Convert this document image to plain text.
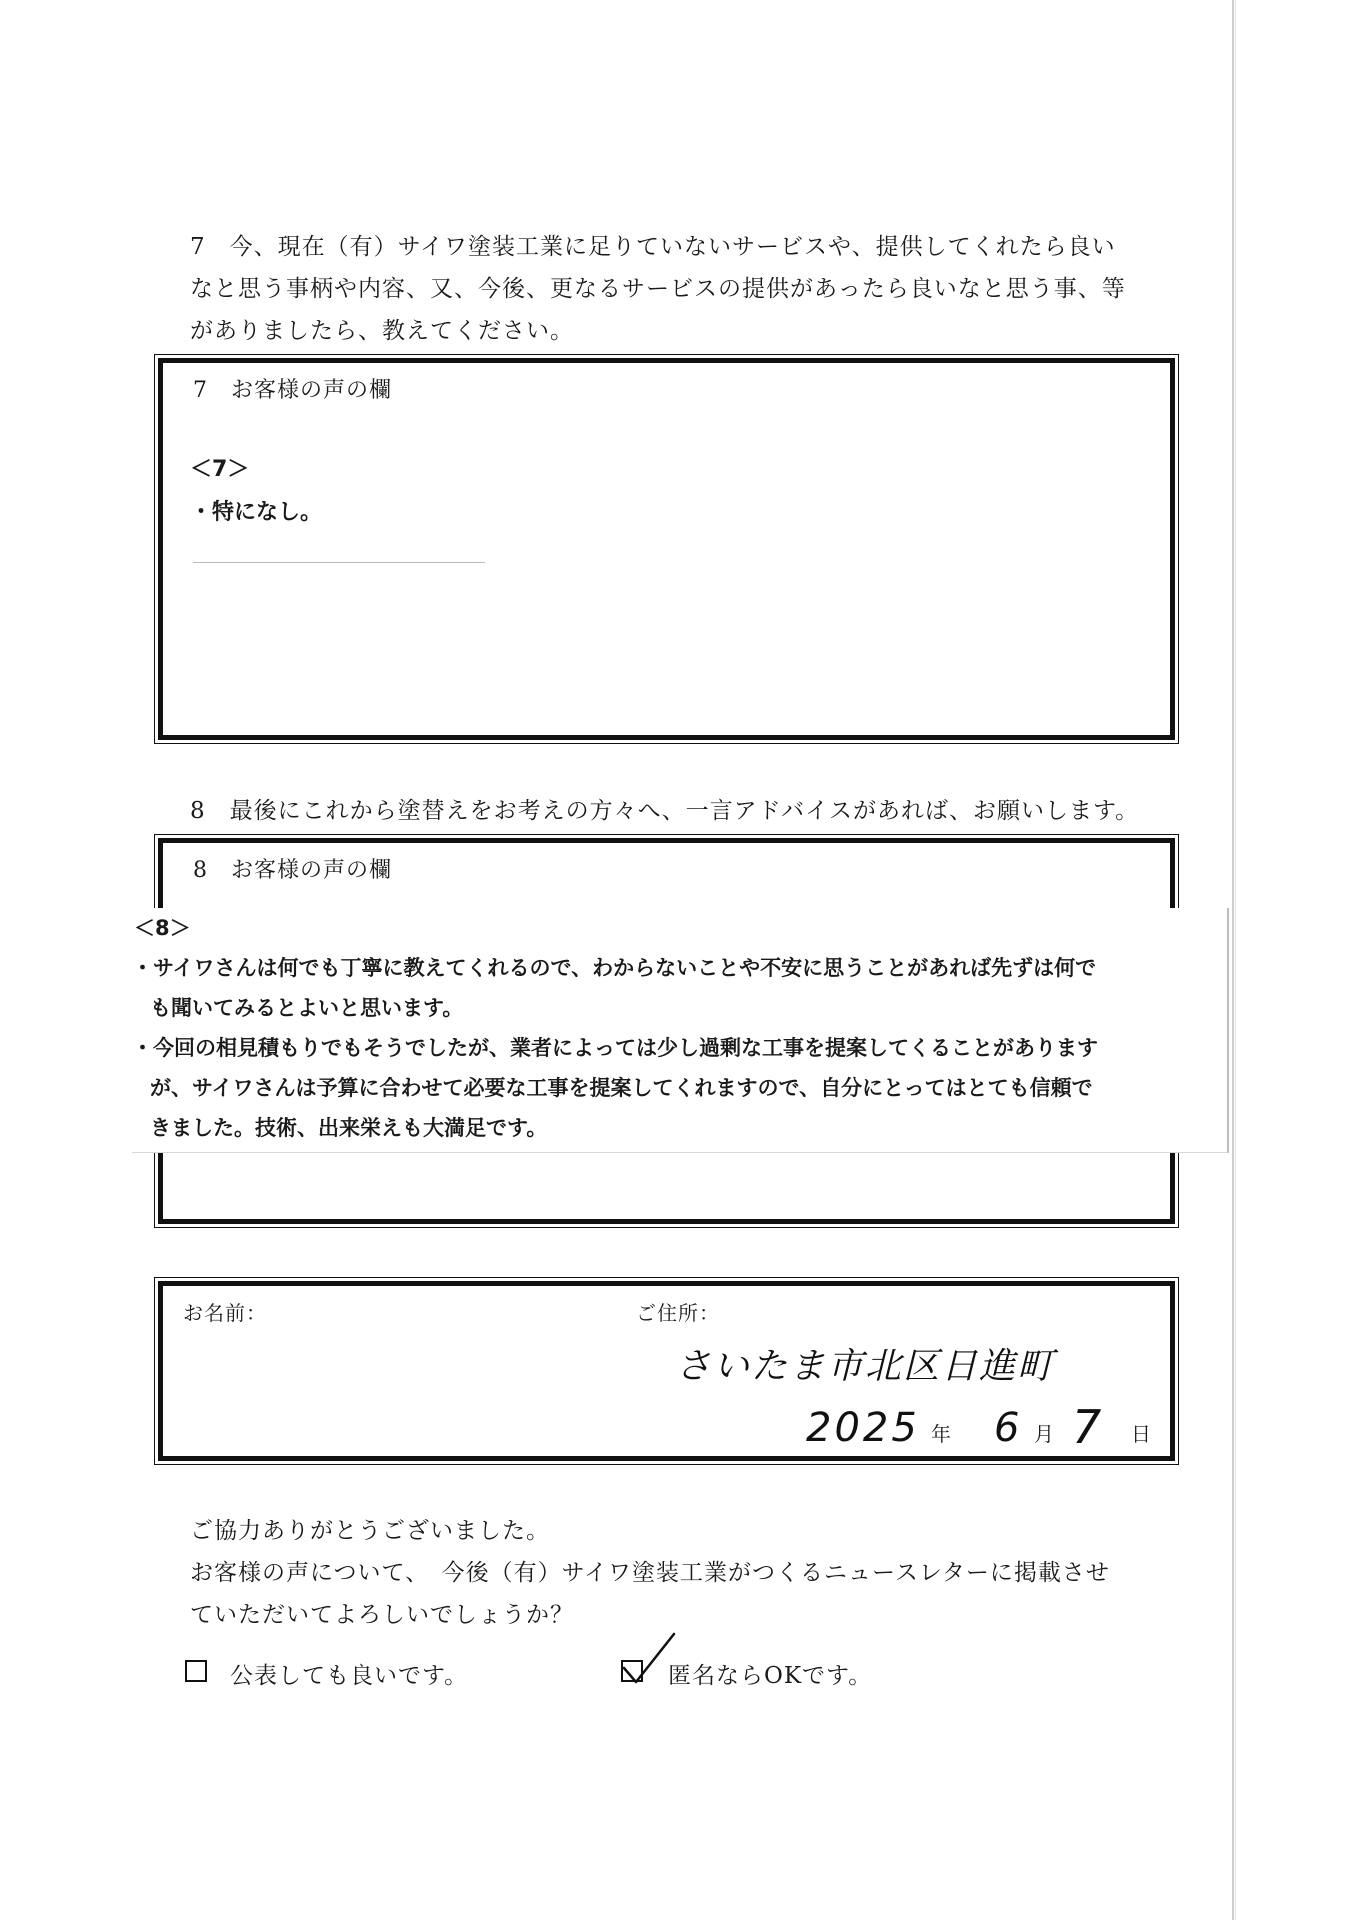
7　今、現在（有）サイワ塗装工業に足りていないサービスや、提供してくれたら良い
なと思う事柄や内容、又、今後、更なるサービスの提供があったら良いなと思う事、等
がありましたら、教えてください。
7　お客様の声の欄
＜7＞
・特になし。
8　最後にこれから塗替えをお考えの方々へ、一言アドバイスがあれば、お願いします。
8　お客様の声の欄
＜8＞
・サイワさんは何でも丁寧に教えてくれるので、わからないことや不安に思うことがあれば先ずは何で
も聞いてみるとよいと思います。
・今回の相見積もりでもそうでしたが、業者によっては少し過剰な工事を提案してくることがあります
が、サイワさんは予算に合わせて必要な工事を提案してくれますので、自分にとってはとても信頼で
きました。技術、出来栄えも大満足です。
お名前：	ご住所：
さいたま市北区日進町
2025 年 6 月 7 日
ご協力ありがとうございました。
お客様の声について、　今後（有）サイワ塗装工業がつくるニュースレターに掲載させ
ていただいてよろしいでしょうか？
公表しても良いです。	匿名ならOKです。
